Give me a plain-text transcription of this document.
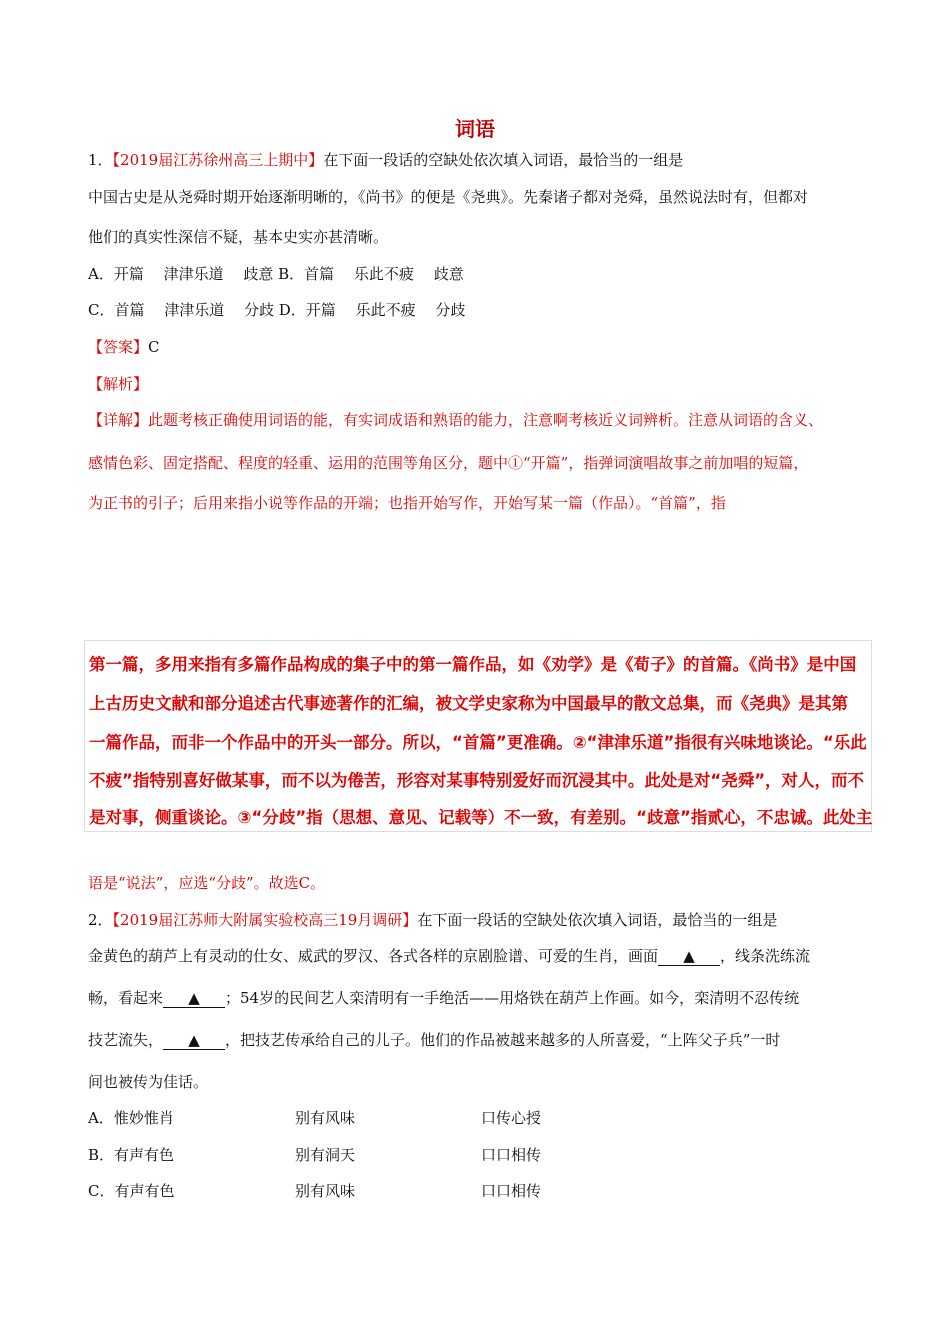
词语
1．【2019届江苏徐州高三上期中】在下面一段话的空缺处依次填入词语，最恰当的一组是
中国古史是从尧舜时期开始逐渐明晰的，《尚书》的便是《尧典》。先秦诸子都对尧舜，虽然说法时有，但都对
他们的真实性深信不疑，基本史实亦甚清晰。
A．开篇　 津津乐道　 歧意 B．首篇　 乐此不疲　 歧意
C．首篇　 津津乐道　 分歧 D．开篇　 乐此不疲　 分歧
【答案】C
【解析】
【详解】此题考核正确使用词语的能，有实词成语和熟语的能力，注意啊考核近义词辨析。注意从词语的含义、
感情色彩、固定搭配、程度的轻重、运用的范围等角区分，题中①“开篇”，指弹词演唱故事之前加唱的短篇，
为正书的引子；后用来指小说等作品的开端；也指开始写作，开始写某一篇（作品）。“首篇”，指
第一篇，多用来指有多篇作品构成的集子中的第一篇作品，如《劝学》是《荀子》的首篇。《尚书》是中国
上古历史文献和部分追述古代事迹著作的汇编，被文学史家称为中国最早的散文总集，而《尧典》是其第
一篇作品，而非一个作品中的开头一部分。所以，“首篇”更准确。②“津津乐道”指很有兴味地谈论。“乐此
不疲”指特别喜好做某事，而不以为倦苦，形容对某事特别爱好而沉浸其中。此处是对“尧舜”，对人，而不
是对事，侧重谈论。③“分歧”指（思想、意见、记载等）不一致，有差别。“歧意”指贰心，不忠诚。此处主
语是“说法”，应选“分歧”。故选C。
2．【2019届江苏师大附属实验校高三19月调研】在下面一段话的空缺处依次填入词语，最恰当的一组是
金黄色的葫芦上有灵动的仕女、威武的罗汉、各式各样的京剧脸谱、可爱的生肖，画面 ▲ ，线条洗练流
畅，看起来 ▲ ；54岁的民间艺人栾清明有一手绝活——用烙铁在葫芦上作画。如今，栾清明不忍传统
技艺流失， ▲ ，把技艺传承给自己的儿子。他们的作品被越来越多的人所喜爱，“上阵父子兵”一时
间也被传为佳话。
A．惟妙惟肖	别有风味	口传心授
B．有声有色	别有洞天	口口相传
C．有声有色	别有风味	口口相传
